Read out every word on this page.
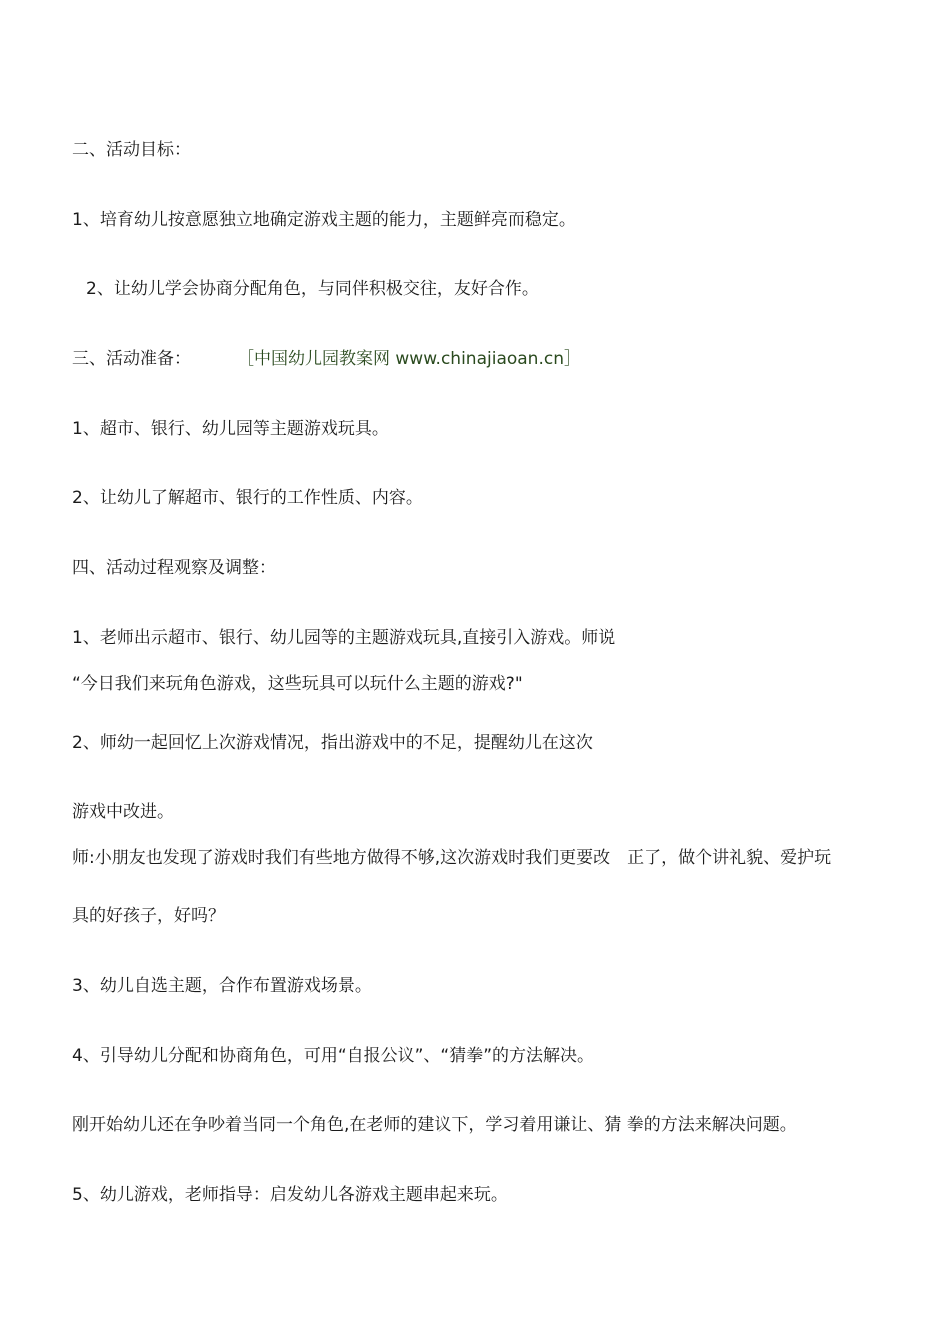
二、活动目标：
1、培育幼儿按意愿独立地确定游戏主题的能力，主题鲜亮而稳定。
2、让幼儿学会协商分配角色，与同伴积极交往，友好合作。
三、活动准备：	［中国幼儿园教案网 www.chinajiaoan.cn］
1、超市、银行、幼儿园等主题游戏玩具。
2、让幼儿了解超市、银行的工作性质、内容。
四、活动过程观察及调整：
1、老师出示超市、银行、幼儿园等的主题游戏玩具,直接引入游戏。师说
“今日我们来玩角色游戏，这些玩具可以玩什么主题的游戏?"
2、师幼一起回忆上次游戏情况，指出游戏中的不足，提醒幼儿在这次
游戏中改进。
师:小朋友也发现了游戏时我们有些地方做得不够,这次游戏时我们更要改　正了，做个讲礼貌、爱护玩
具的好孩子，好吗？
3、幼儿自选主题，合作布置游戏场景。
4、引导幼儿分配和协商角色，可用“自报公议”、“猜拳”的方法解决。
刚开始幼儿还在争吵着当同一个角色,在老师的建议下，学习着用谦让、猜 拳的方法来解决问题。
5、幼儿游戏，老师指导：启发幼儿各游戏主题串起来玩。
